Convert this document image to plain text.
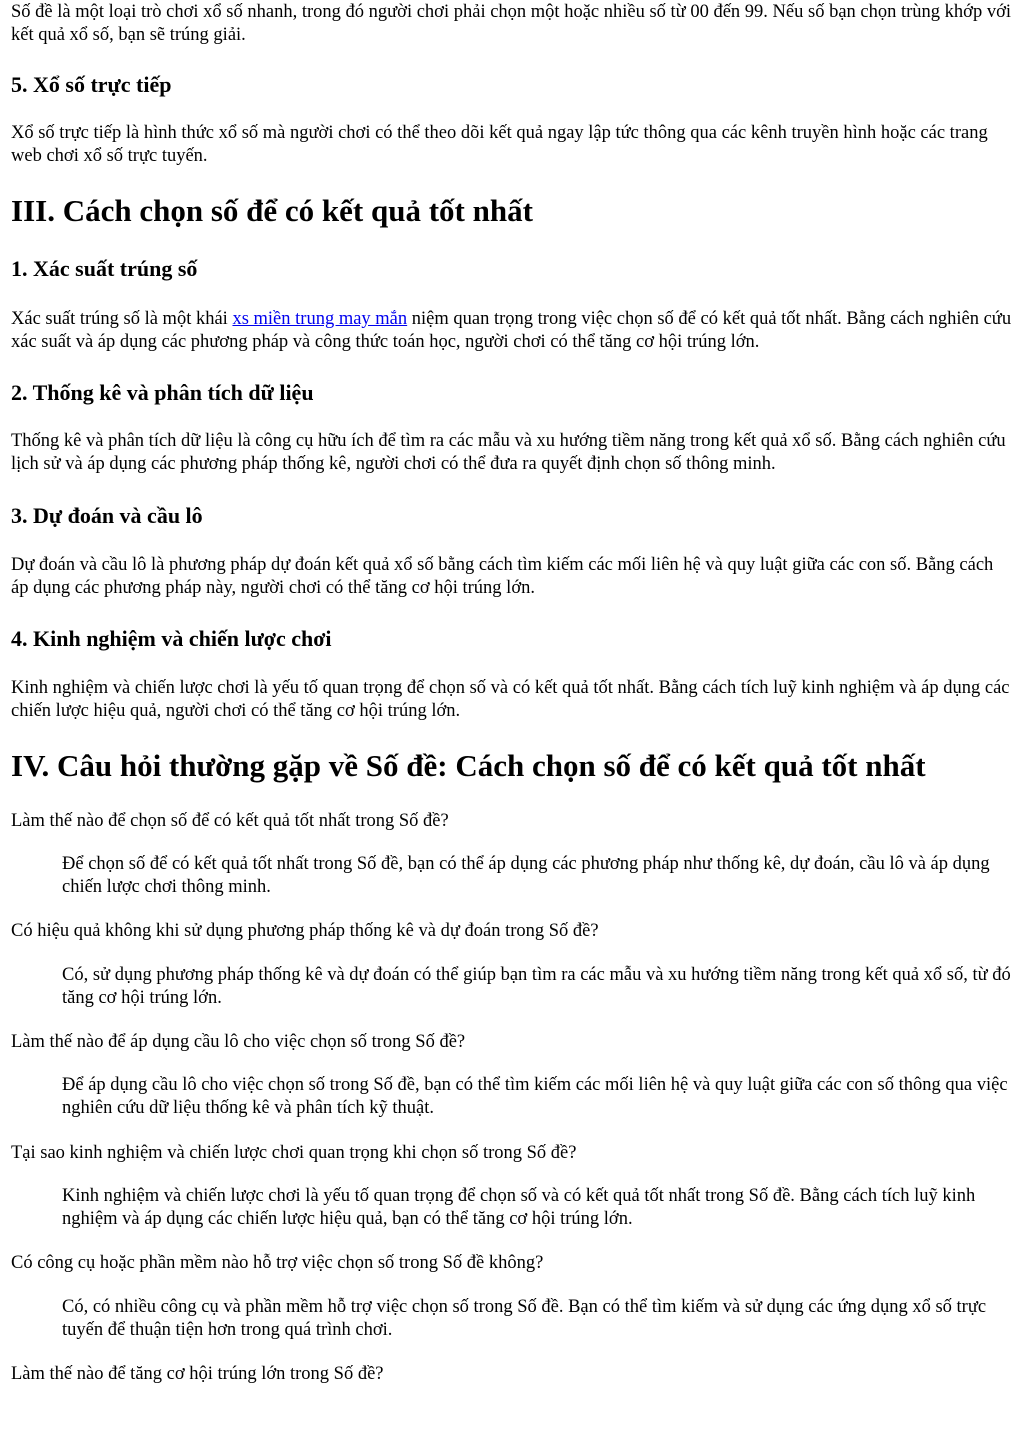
Số đề là một loại trò chơi xổ số nhanh, trong đó người chơi phải chọn một hoặc nhiều số từ 00 đến 99. Nếu số bạn chọn trùng khớp với kết quả xổ số, bạn sẽ trúng giải.

5. Xổ số trực tiếp

Xổ số trực tiếp là hình thức xổ số mà người chơi có thể theo dõi kết quả ngay lập tức thông qua các kênh truyền hình hoặc các trang web chơi xổ số trực tuyến.

III. Cách chọn số để có kết quả tốt nhất
1. Xác suất trúng số

Xác suất trúng số là một khái xs miền trung may mắn niệm quan trọng trong việc chọn số để có kết quả tốt nhất. Bằng cách nghiên cứu xác suất và áp dụng các phương pháp và công thức toán học, người chơi có thể tăng cơ hội trúng lớn.

2. Thống kê và phân tích dữ liệu

Thống kê và phân tích dữ liệu là công cụ hữu ích để tìm ra các mẫu và xu hướng tiềm năng trong kết quả xổ số. Bằng cách nghiên cứu lịch sử và áp dụng các phương pháp thống kê, người chơi có thể đưa ra quyết định chọn số thông minh.

3. Dự đoán và cầu lô

Dự đoán và cầu lô là phương pháp dự đoán kết quả xổ số bằng cách tìm kiếm các mối liên hệ và quy luật giữa các con số. Bằng cách áp dụng các phương pháp này, người chơi có thể tăng cơ hội trúng lớn.

4. Kinh nghiệm và chiến lược chơi

Kinh nghiệm và chiến lược chơi là yếu tố quan trọng để chọn số và có kết quả tốt nhất. Bằng cách tích luỹ kinh nghiệm và áp dụng các chiến lược hiệu quả, người chơi có thể tăng cơ hội trúng lớn.

IV. Câu hỏi thường gặp về Số đề: Cách chọn số để có kết quả tốt nhất
Làm thế nào để chọn số để có kết quả tốt nhất trong Số đề?
Để chọn số để có kết quả tốt nhất trong Số đề, bạn có thể áp dụng các phương pháp như thống kê, dự đoán, cầu lô và áp dụng chiến lược chơi thông minh.
Có hiệu quả không khi sử dụng phương pháp thống kê và dự đoán trong Số đề?
Có, sử dụng phương pháp thống kê và dự đoán có thể giúp bạn tìm ra các mẫu và xu hướng tiềm năng trong kết quả xổ số, từ đó tăng cơ hội trúng lớn.
Làm thế nào để áp dụng cầu lô cho việc chọn số trong Số đề?
Để áp dụng cầu lô cho việc chọn số trong Số đề, bạn có thể tìm kiếm các mối liên hệ và quy luật giữa các con số thông qua việc nghiên cứu dữ liệu thống kê và phân tích kỹ thuật.
Tại sao kinh nghiệm và chiến lược chơi quan trọng khi chọn số trong Số đề?
Kinh nghiệm và chiến lược chơi là yếu tố quan trọng để chọn số và có kết quả tốt nhất trong Số đề. Bằng cách tích luỹ kinh nghiệm và áp dụng các chiến lược hiệu quả, bạn có thể tăng cơ hội trúng lớn.
Có công cụ hoặc phần mềm nào hỗ trợ việc chọn số trong Số đề không?
Có, có nhiều công cụ và phần mềm hỗ trợ việc chọn số trong Số đề. Bạn có thể tìm kiếm và sử dụng các ứng dụng xổ số trực tuyến để thuận tiện hơn trong quá trình chơi.
Làm thế nào để tăng cơ hội trúng lớn trong Số đề?
